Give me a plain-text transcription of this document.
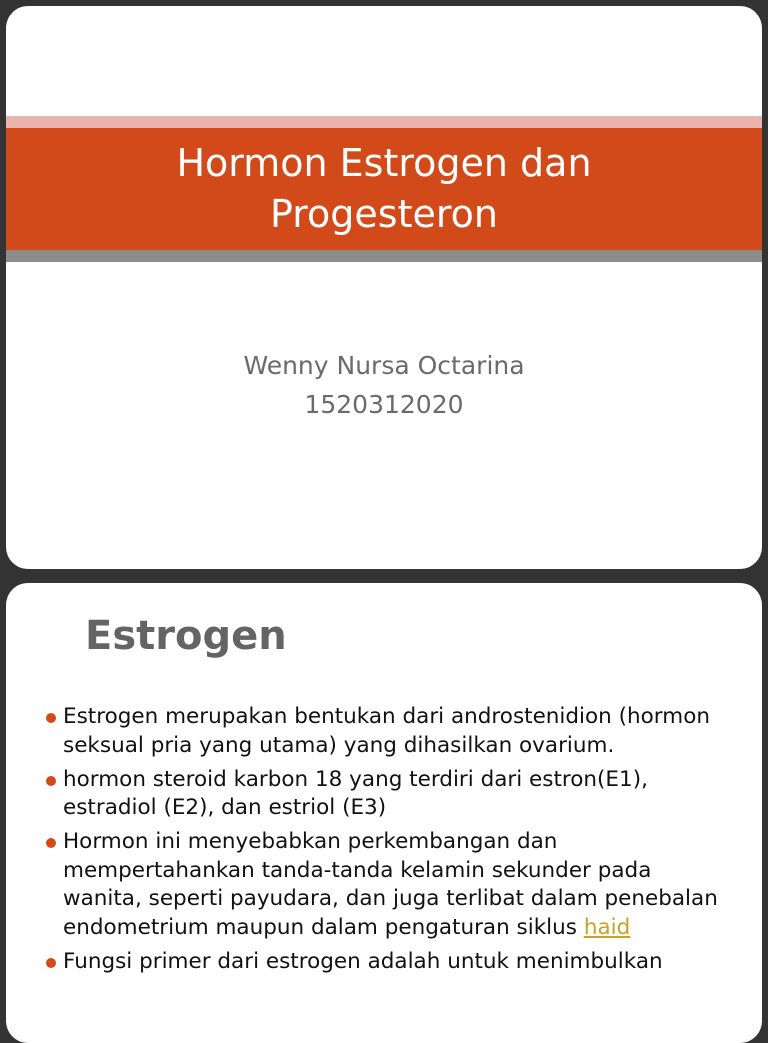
Hormon Estrogen dan
Progesteron
Wenny Nursa Octarina
1520312020
Estrogen
Estrogen merupakan bentukan dari androstenidion (hormon seksual pria yang utama) yang dihasilkan ovarium.
hormon steroid karbon 18 yang terdiri dari estron(E1), estradiol (E2), dan estriol (E3)
Hormon ini menyebabkan perkembangan dan mempertahankan tanda-tanda kelamin sekunder pada wanita, seperti payudara, dan juga terlibat dalam penebalan endometrium maupun dalam pengaturan siklus haid
Fungsi primer dari estrogen adalah untuk menimbulkan
